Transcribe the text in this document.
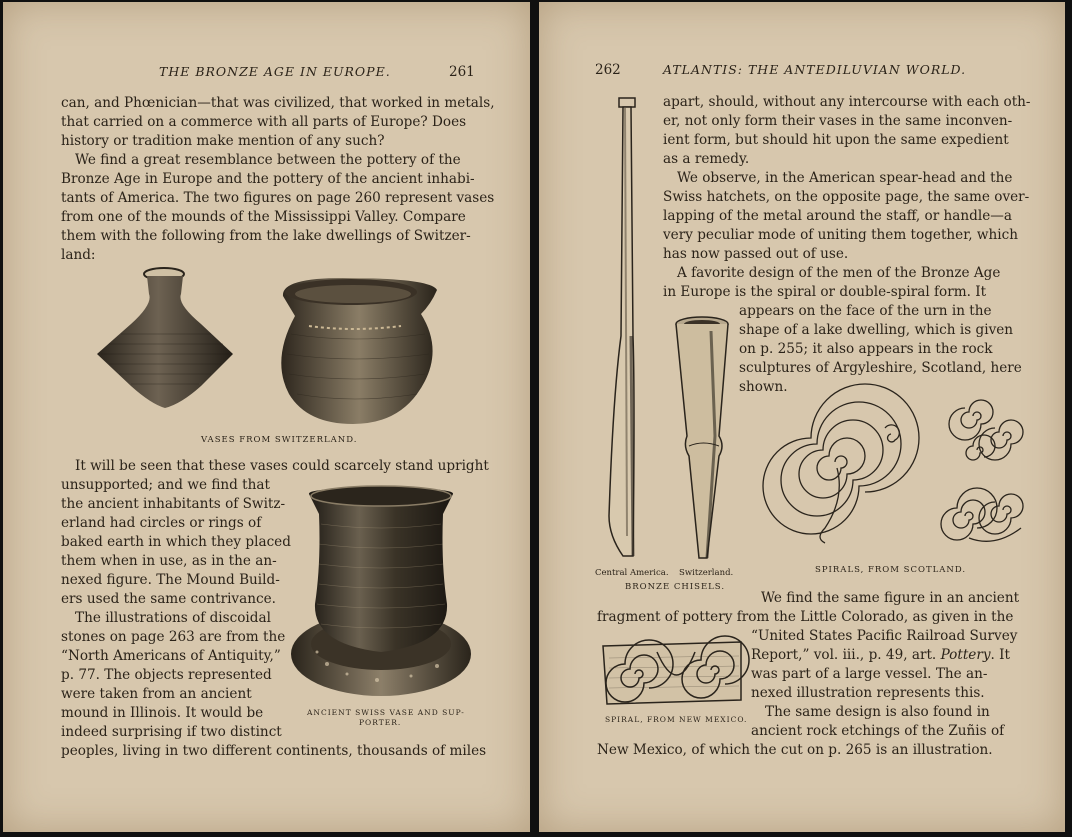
THE BRONZE AGE IN EUROPE.	261
can, and Phœnician—that was civilized, that worked in metals,
that carried on a commerce with all parts of Europe? Does
history or tradition make mention of any such?
We find a great resemblance between the pottery of the
Bronze Age in Europe and the pottery of the ancient inhabi-
tants of America. The two figures on page 260 represent vases
from one of the mounds of the Mississippi Valley. Compare
them with the following from the lake dwellings of Switzer-
land:
VASES FROM SWITZERLAND.
It will be seen that these vases could scarcely stand upright
unsupported; and we find that
the ancient inhabitants of Switz-
erland had circles or rings of
baked earth in which they placed
them when in use, as in the an-
nexed figure. The Mound Build-
ers used the same contrivance.
The illustrations of discoidal
stones on page 263 are from the
“North Americans of Antiquity,”
p. 77. The objects represented
were taken from an ancient
mound in Illinois. It would be
indeed surprising if two distinct
peoples, living in two different continents, thousands of miles
ANCIENT SWISS VASE AND SUP-
PORTER.
262	ATLANTIS: THE ANTEDILUVIAN WORLD.
apart, should, without any intercourse with each oth-
er, not only form their vases in the same inconven-
ient form, but should hit upon the same expedient
as a remedy.
We observe, in the American spear-head and the
Swiss hatchets, on the opposite page, the same over-
lapping of the metal around the staff, or handle—a
very peculiar mode of uniting them together, which
has now passed out of use.
A favorite design of the men of the Bronze Age
in Europe is the spiral or double-spiral form. It
appears on the face of the urn in the
shape of a lake dwelling, which is given
on p. 255; it also appears in the rock
sculptures of Argyleshire, Scotland, here
shown.
Central America. Switzerland.
BRONZE CHISELS.
SPIRALS, FROM SCOTLAND.
We find the same figure in an ancient
fragment of pottery from the Little Colorado, as given in the
“United States Pacific Railroad Survey
Report,” vol. iii., p. 49, art. Pottery. It
was part of a large vessel. The an-
nexed illustration represents this.
The same design is also found in
ancient rock etchings of the Zuñis of
New Mexico, of which the cut on p. 265 is an illustration.
SPIRAL, FROM NEW MEXICO.
